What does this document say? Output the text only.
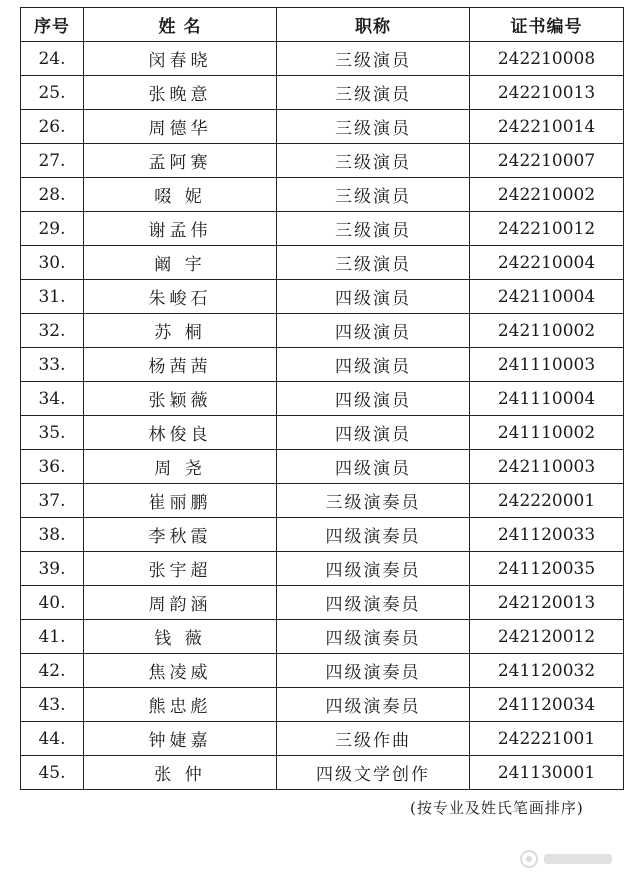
序号	姓 名	职称	证书编号
24.	闵春晓	三级演员	242210008
25.	张晚意	三级演员	242210013
26.	周德华	三级演员	242210014
27.	孟阿赛	三级演员	242210007
28.	啜 妮	三级演员	242210002
29.	谢孟伟	三级演员	242210012
30.	阚 宇	三级演员	242210004
31.	朱峻石	四级演员	242110004
32.	苏 桐	四级演员	242110002
33.	杨茜茜	四级演员	241110003
34.	张颖薇	四级演员	241110004
35.	林俊良	四级演员	241110002
36.	周 尧	四级演员	242110003
37.	崔丽鹏	三级演奏员	242220001
38.	李秋霞	四级演奏员	241120033
39.	张宇超	四级演奏员	241120035
40.	周韵涵	四级演奏员	242120013
41.	钱 薇	四级演奏员	242120012
42.	焦凌威	四级演奏员	241120032
43.	熊忠彪	四级演奏员	241120034
44.	钟婕嘉	三级作曲	242221001
45.	张 仲	四级文学创作	241130001
(按专业及姓氏笔画排序)
